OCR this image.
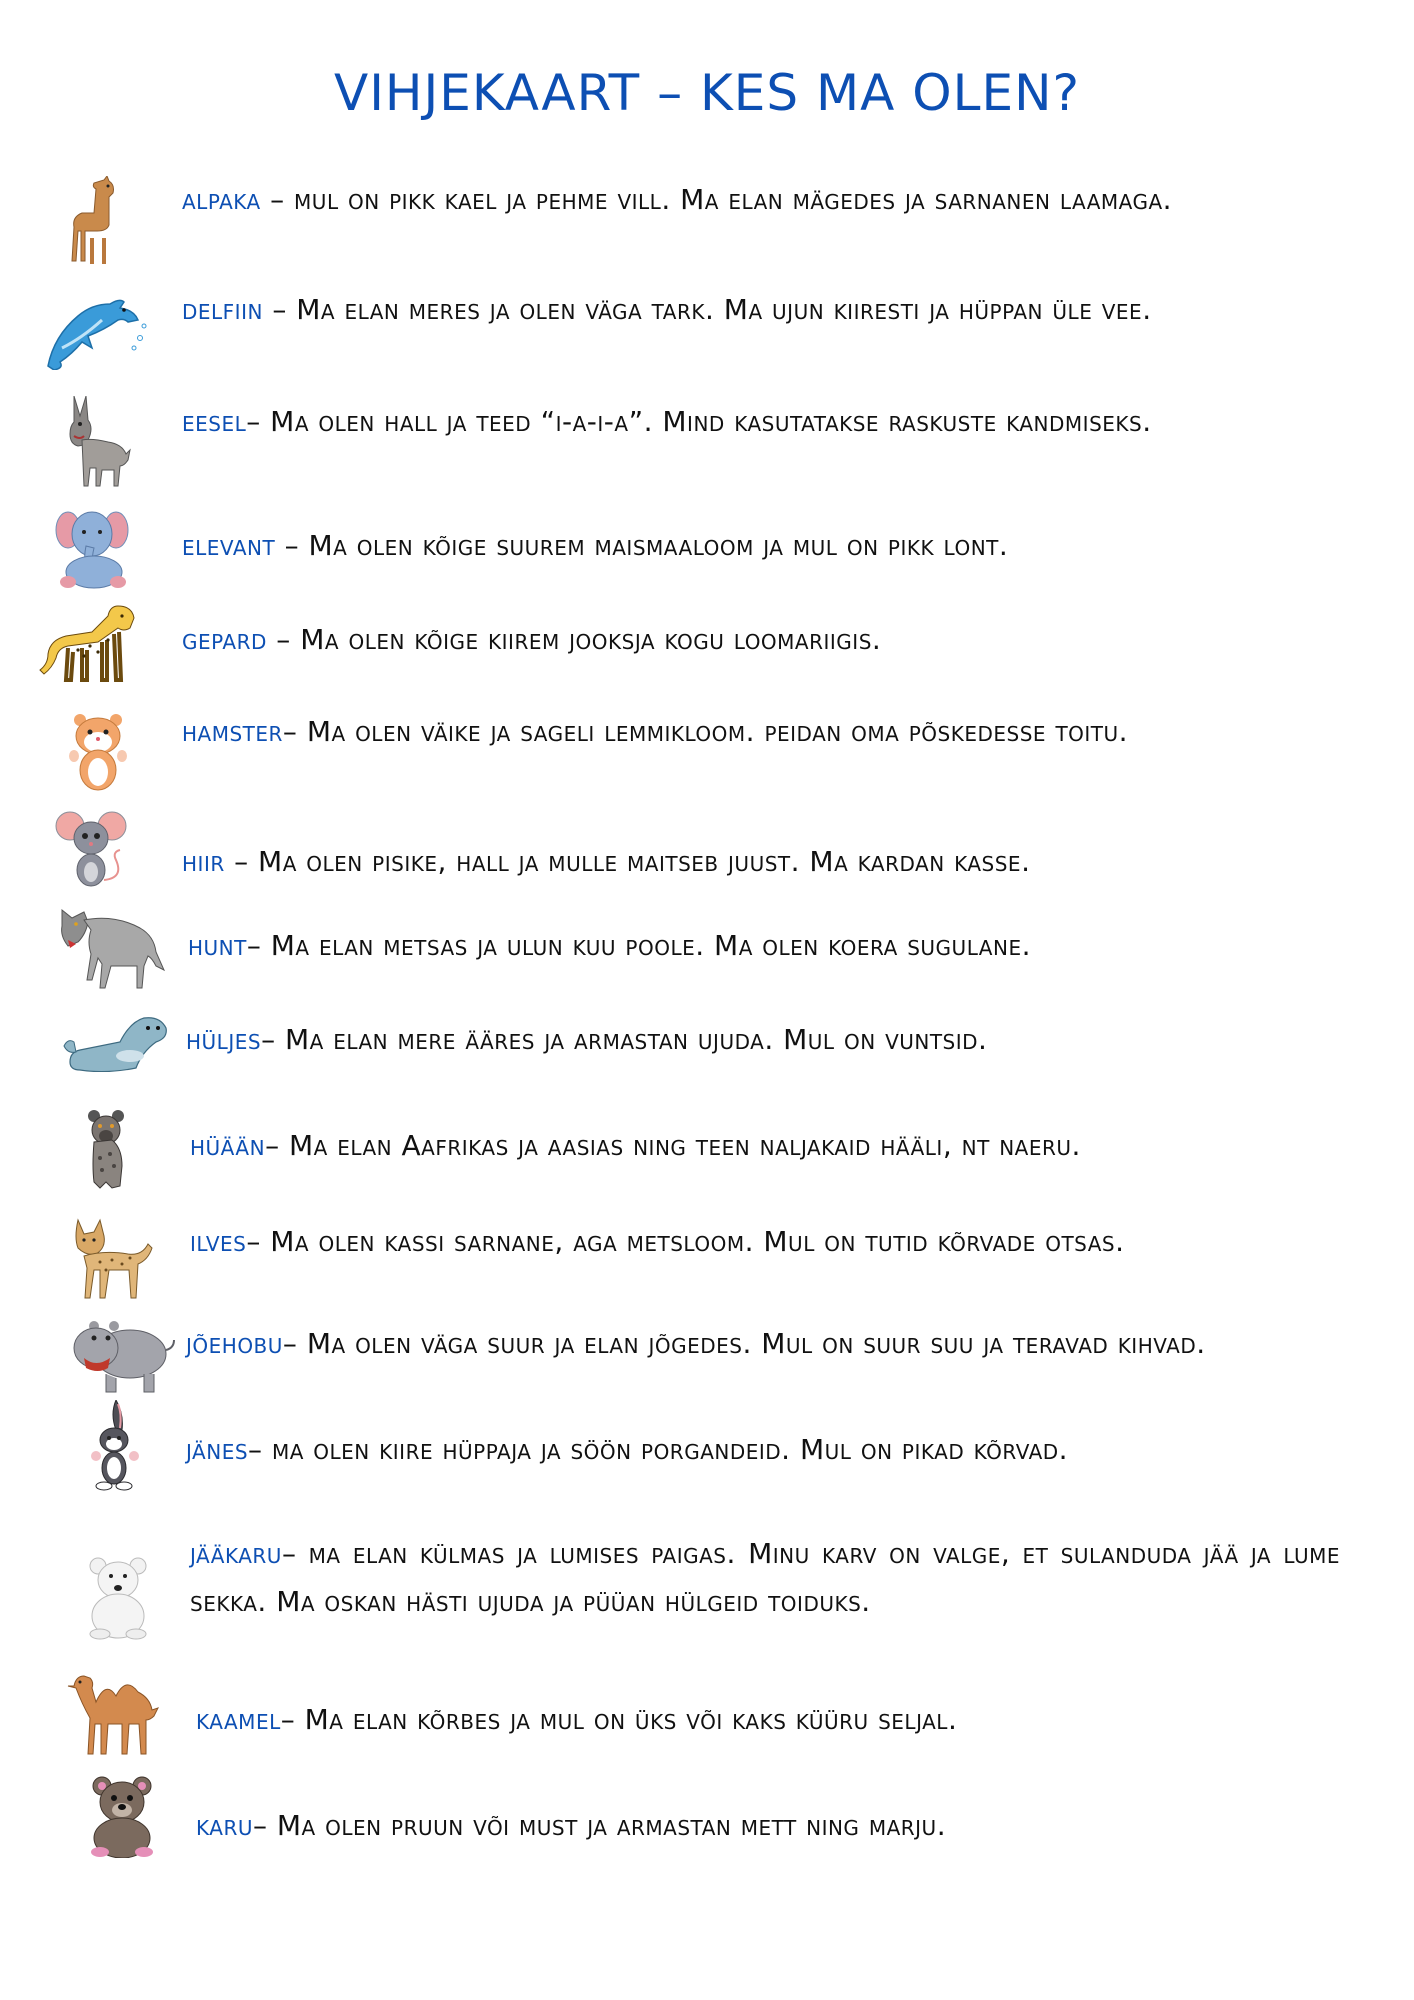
VIHJEKAART – KES MA OLEN?
alpaka – mul on pikk kael ja pehme vill. Ma elan mägedes ja sarnanen laamaga.
delfiin – Ma elan meres ja olen väga tark. Ma ujun kiiresti ja hüppan üle vee.
eesel– Ma olen hall ja teed “i-a-i-a”. Mind kasutatakse raskuste kandmiseks.
elevant – Ma olen kõige suurem maismaaloom ja mul on pikk lont.
gepard – Ma olen kõige kiirem jooksja kogu loomariigis.
hamster– Ma olen väike ja sageli lemmikloom. peidan oma põskedesse toitu.
hiir – Ma olen pisike, hall ja mulle maitseb juust. Ma kardan kasse.
hunt– Ma elan metsas ja ulun kuu poole. Ma olen koera sugulane.
hüljes– Ma elan mere ääres ja armastan ujuda. Mul on vuntsid.
hüään– Ma elan Aafrikas ja aasias ning teen naljakaid hääli, nt naeru.
ilves– Ma olen kassi sarnane, aga metsloom. Mul on tutid kõrvade otsas.
jõehobu– Ma olen väga suur ja elan jõgedes. Mul on suur suu ja teravad kihvad.
jänes– ma olen kiire hüppaja ja söön porgandeid. Mul on pikad kõrvad.
jääkaru– ma elan külmas ja lumises paigas. Minu karv on valge, et sulanduda jää ja lume sekka. Ma oskan hästi ujuda ja püüan hülgeid toiduks.
kaamel– Ma elan kõrbes ja mul on üks või kaks küüru seljal.
karu– Ma olen pruun või must ja armastan mett ning marju.
